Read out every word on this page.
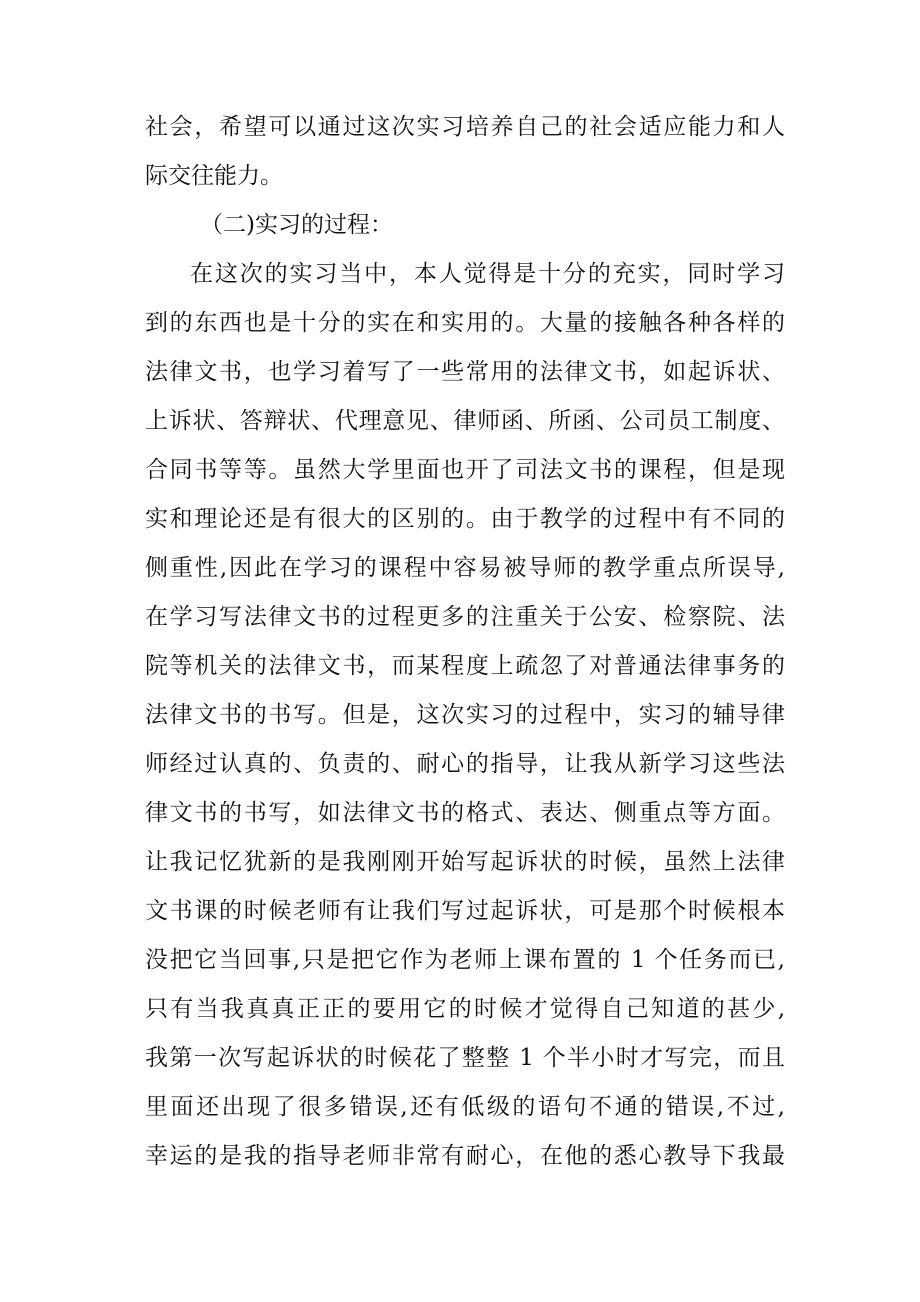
社会，希望可以通过这次实习培养自己的社会适应能力和人
际交往能力。
（二)实习的过程：
在这次的实习当中，本人觉得是十分的充实，同时学习
到的东西也是十分的实在和实用的。大量的接触各种各样的
法律文书，也学习着写了一些常用的法律文书，如起诉状、
上诉状、答辩状、代理意见、律师函、所函、公司员工制度、
合同书等等。虽然大学里面也开了司法文书的课程，但是现
实和理论还是有很大的区别的。由于教学的过程中有不同的
侧重性,因此在学习的课程中容易被导师的教学重点所误导,
在学习写法律文书的过程更多的注重关于公安、检察院、法
院等机关的法律文书，而某程度上疏忽了对普通法律事务的
法律文书的书写。但是，这次实习的过程中，实习的辅导律
师经过认真的、负责的、耐心的指导，让我从新学习这些法
律文书的书写，如法律文书的格式、表达、侧重点等方面。
让我记忆犹新的是我刚刚开始写起诉状的时候，虽然上法律
文书课的时候老师有让我们写过起诉状，可是那个时候根本
没把它当回事,只是把它作为老师上课布置的 1 个任务而已,
只有当我真真正正的要用它的时候才觉得自己知道的甚少,
我第一次写起诉状的时候花了整整 1 个半小时才写完，而且
里面还出现了很多错误,还有低级的语句不通的错误,不过,
幸运的是我的指导老师非常有耐心，在他的悉心教导下我最
